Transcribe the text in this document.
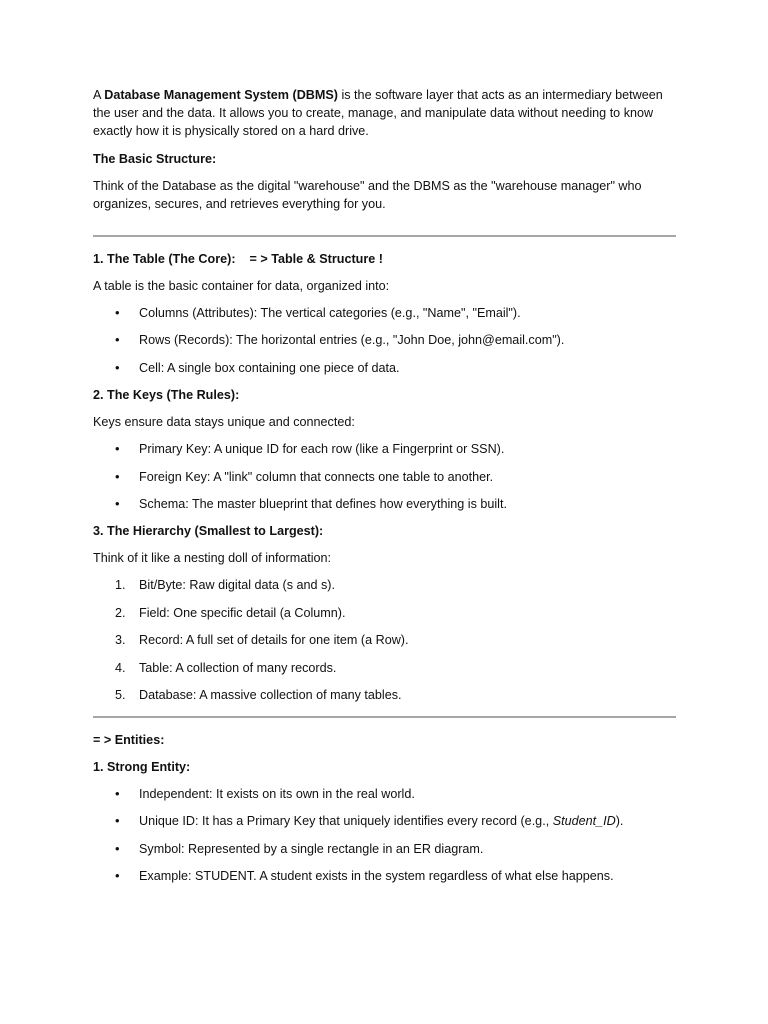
A Database Management System (DBMS) is the software layer that acts as an intermediary between the user and the data. It allows you to create, manage, and manipulate data without needing to know exactly how it is physically stored on a hard drive.

The Basic Structure:

Think of the Database as the digital "warehouse" and the DBMS as the "warehouse manager" who organizes, secures, and retrieves everything for you.

1. The Table (The Core): = > Table & Structure !

A table is the basic container for data, organized into:

• Columns (Attributes): The vertical categories (e.g., "Name", "Email").
• Rows (Records): The horizontal entries (e.g., "John Doe, john@email.com").
• Cell: A single box containing one piece of data.

2. The Keys (The Rules):

Keys ensure data stays unique and connected:

• Primary Key: A unique ID for each row (like a Fingerprint or SSN).
• Foreign Key: A "link" column that connects one table to another.
• Schema: The master blueprint that defines how everything is built.

3. The Hierarchy (Smallest to Largest):

Think of it like a nesting doll of information:

1. Bit/Byte: Raw digital data (s and s).
2. Field: One specific detail (a Column).
3. Record: A full set of details for one item (a Row).
4. Table: A collection of many records.
5. Database: A massive collection of many tables.

= > Entities:

1. Strong Entity:

• Independent: It exists on its own in the real world.
• Unique ID: It has a Primary Key that uniquely identifies every record (e.g., Student_ID).
• Symbol: Represented by a single rectangle in an ER diagram.
• Example: STUDENT. A student exists in the system regardless of what else happens.
